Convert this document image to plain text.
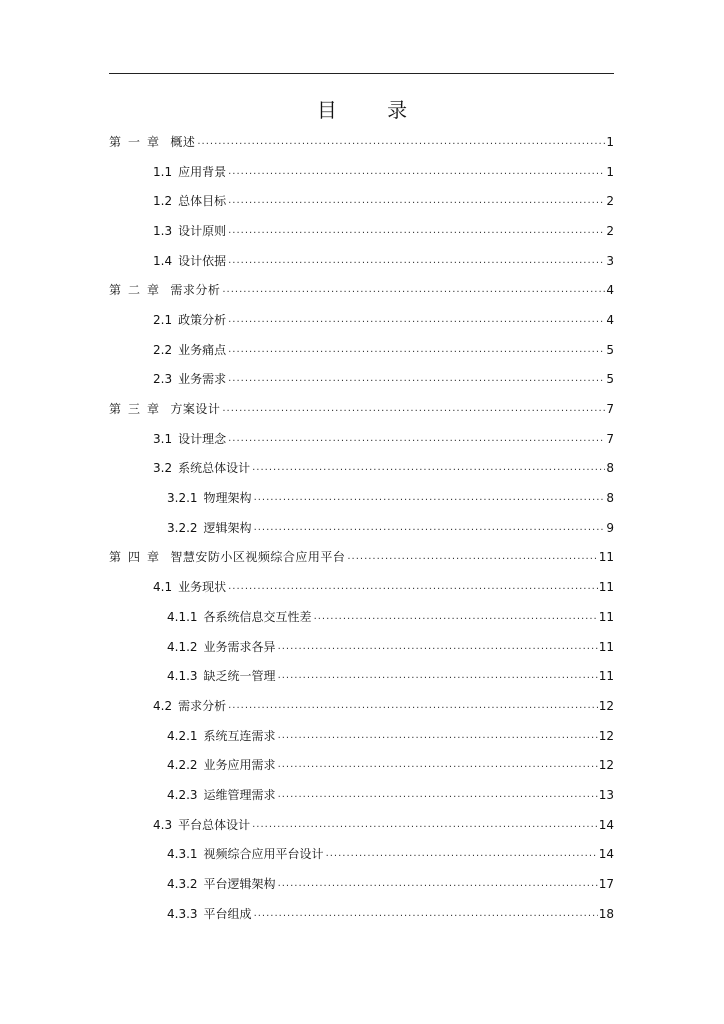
目 录
第一章 概述 .....	1
1.1 应用背景 .....	1
1.2 总体目标 .....	2
1.3 设计原则 .....	2
1.4 设计依据 .....	3
第二章 需求分析 .....	4
2.1 政策分析 .....	4
2.2 业务痛点 .....	5
2.3 业务需求 .....	5
第三章 方案设计 .....	7
3.1 设计理念 .....	7
3.2 系统总体设计 .....	8
3.2.1 物理架构 .....	8
3.2.2 逻辑架构 .....	9
第四章 智慧安防小区视频综合应用平台 .....	11
4.1 业务现状 .....	11
4.1.1 各系统信息交互性差 .....	11
4.1.2 业务需求各异 .....	11
4.1.3 缺乏统一管理 .....	11
4.2 需求分析 .....	12
4.2.1 系统互连需求 .....	12
4.2.2 业务应用需求 .....	12
4.2.3 运维管理需求 .....	13
4.3 平台总体设计 .....	14
4.3.1 视频综合应用平台设计 .....	14
4.3.2 平台逻辑架构 .....	17
4.3.3 平台组成 .....	18
